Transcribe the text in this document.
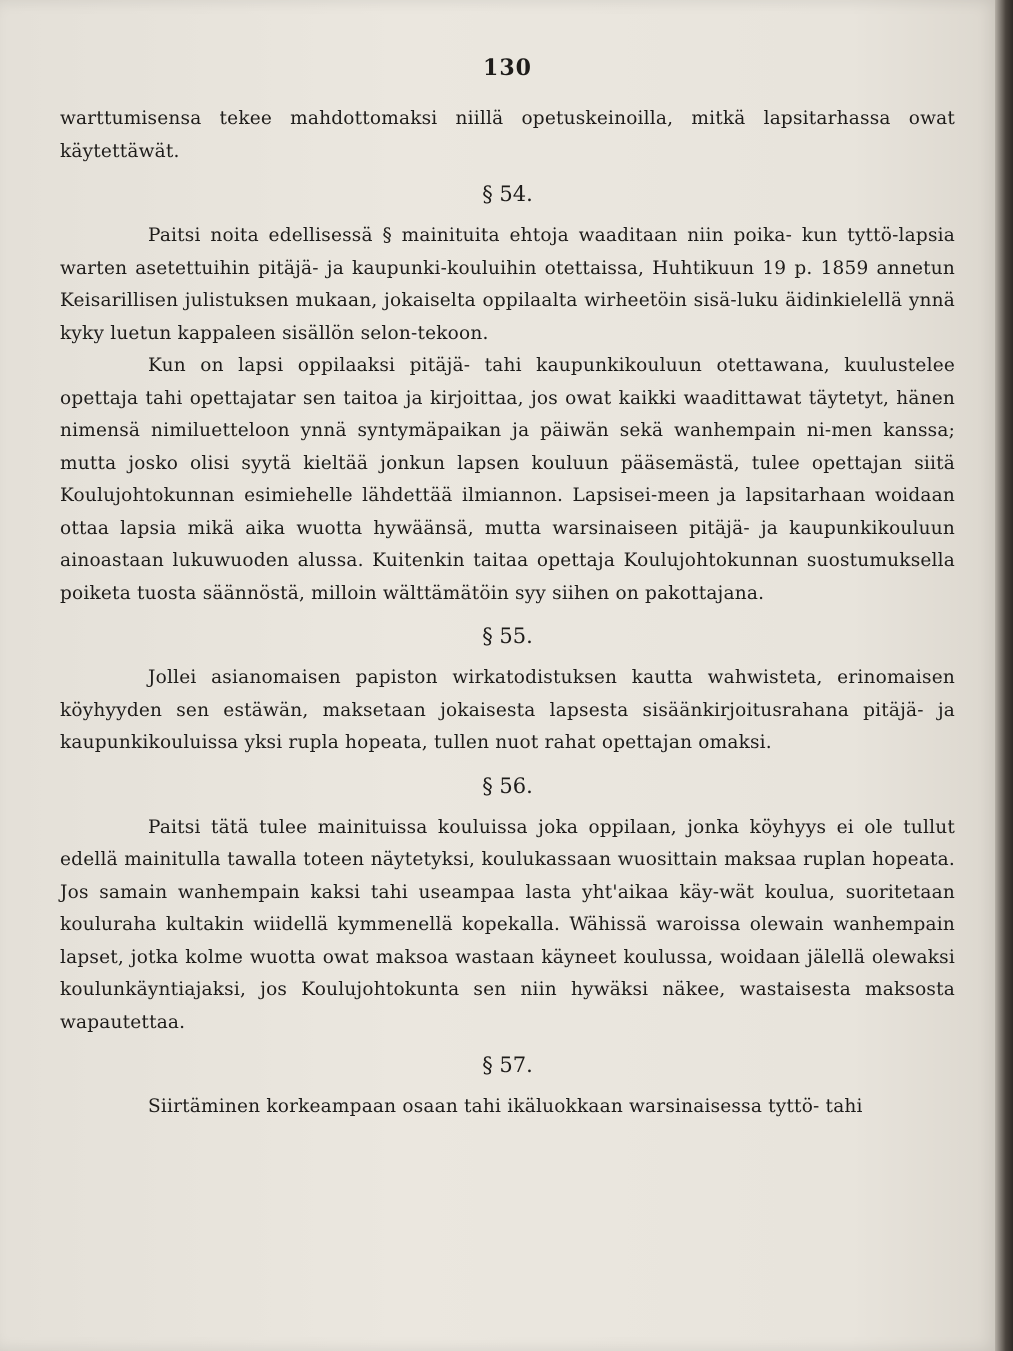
130

warttumisensa tekee mahdottomaksi niillä opetuskeinoilla, mitkä lapsitarhassa owat käytettäwät.

§ 54.

Paitsi noita edellisessä § mainituita ehtoja waaditaan niin poika- kun tyttö-lapsia warten asetettuihin pitäjä- ja kaupunki-kouluihin otettaissa, Huhtikuun 19 p. 1859 annetun Keisarillisen julistuksen mukaan, jokaiselta oppilaalta wirheetöin sisä-luku äidinkielellä ynnä kyky luetun kappaleen sisällön selon-tekoon.

Kun on lapsi oppilaaksi pitäjä- tahi kaupunkikouluun otettawana, kuulustelee opettaja tahi opettajatar sen taitoa ja kirjoittaa, jos owat kaikki waadittawat täytetyt, hänen nimensä nimiluetteloon ynnä syntymäpaikan ja päiwän sekä wanhempain ni-men kanssa; mutta josko olisi syytä kieltää jonkun lapsen kouluun pääsemästä, tulee opettajan siitä Koulujohtokunnan esimiehelle lähdettää ilmiannon. Lapsisei-meen ja lapsitarhaan woidaan ottaa lapsia mikä aika wuotta hywäänsä, mutta warsinaiseen pitäjä- ja kaupunkikouluun ainoastaan lukuwuoden alussa. Kuitenkin taitaa opettaja Koulujohtokunnan suostumuksella poiketa tuosta säännöstä, milloin wälttämätöin syy siihen on pakottajana.

§ 55.

Jollei asianomaisen papiston wirkatodistuksen kautta wahwisteta, erinomaisen köyhyyden sen estäwän, maksetaan jokaisesta lapsesta sisäänkirjoitusrahana pitäjä- ja kaupunkikouluissa yksi rupla hopeata, tullen nuot rahat opettajan omaksi.

§ 56.

Paitsi tätä tulee mainituissa kouluissa joka oppilaan, jonka köyhyys ei ole tullut edellä mainitulla tawalla toteen näytetyksi, koulukassaan wuosittain maksaa ruplan hopeata. Jos samain wanhempain kaksi tahi useampaa lasta yht'aikaa käy-wät koulua, suoritetaan kouluraha kultakin wiidellä kymmenellä kopekalla. Wähissä waroissa olewain wanhempain lapset, jotka kolme wuotta owat maksoa wastaan käyneet koulussa, woidaan jälellä olewaksi koulunkäyntiajaksi, jos Koulujohtokunta sen niin hywäksi näkee, wastaisesta maksosta wapautettaa.

§ 57.

Siirtäminen korkeampaan osaan tahi ikäluokkaan warsinaisessa tyttö- tahi
